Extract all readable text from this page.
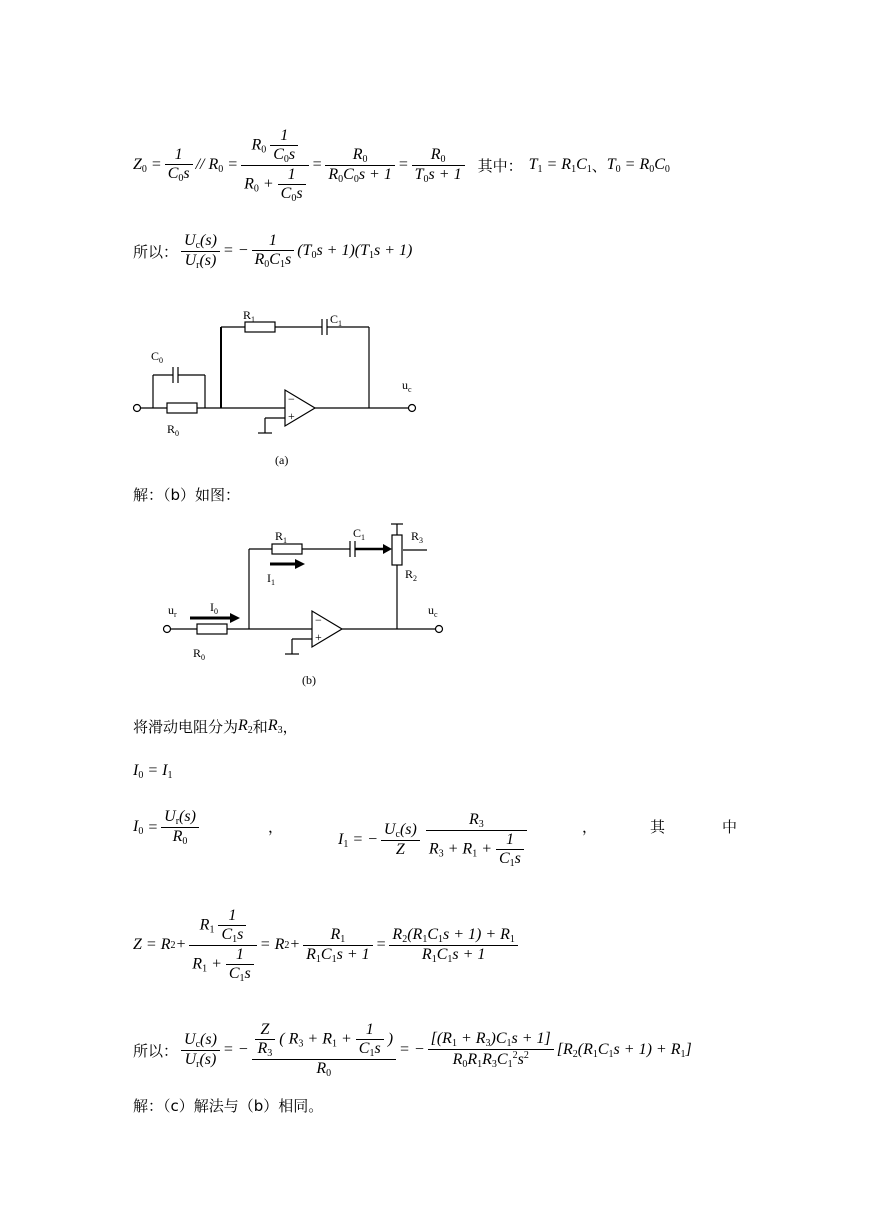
$Z_0 = \frac{1}{C_0s} // R_0 = \frac{R_0 \frac{1}{C_0s}}{R_0 + \frac{1}{C_0s}} = \frac{R_0}{R_0C_0s + 1} = \frac{R_0}{T_0s + 1}$ 其中： $T_1 = R_1C_1$ 、 $T_0 = R_0C_0$
所以： $\frac{U_c(s)}{U_r(s)}$ = − $\frac{1}{R_0C_1s} (T_0s + 1)(T_1s + 1)$
$R_1$	$C_1$
$C_0$
$R_0$
$u_c$
−
+
(a)
解：（b）如图：
$R_1$
$C_1$	$R_3$
$R_2$
$I_1$
$I_0$
$u_r$	$u_c$
$R_0$
−
+
(b)
将滑动电阻分为 $R_2$ 和 $R_3$ ，
$I_0 = I_1$
$I_0 = \frac{U_r(s)}{R_0}$	，
$I_1$ = − $\frac{U_c(s)}{Z} \frac{R_3}{R_3 + R_1 + \frac{1}{C_1s}}$	，	其	中
Z = R $2 + \frac{R_1 \frac{1}{C_1s}}{R_1 + \frac{1}{C_1s}} = R$ $2 + \frac{R_1}{R_1C_1s + 1} = \frac{R_2(R_1C_1s + 1) + R_1}{R_1C_1s + 1}$
所以： $\frac{U_c(s)}{U_r(s)}$ = − $\frac{\frac{Z}{R_3} ( R_3 + R_1 + \frac{1}{C_1s} )}{R_0}$ = − $\frac{[(R_1 + R_3)C_1s + 1]}{R_0R_1R_3C_1^2s^2} [R_2(R_1C_1s + 1) + R_1]$
解：（c）解法与（b）相同。
